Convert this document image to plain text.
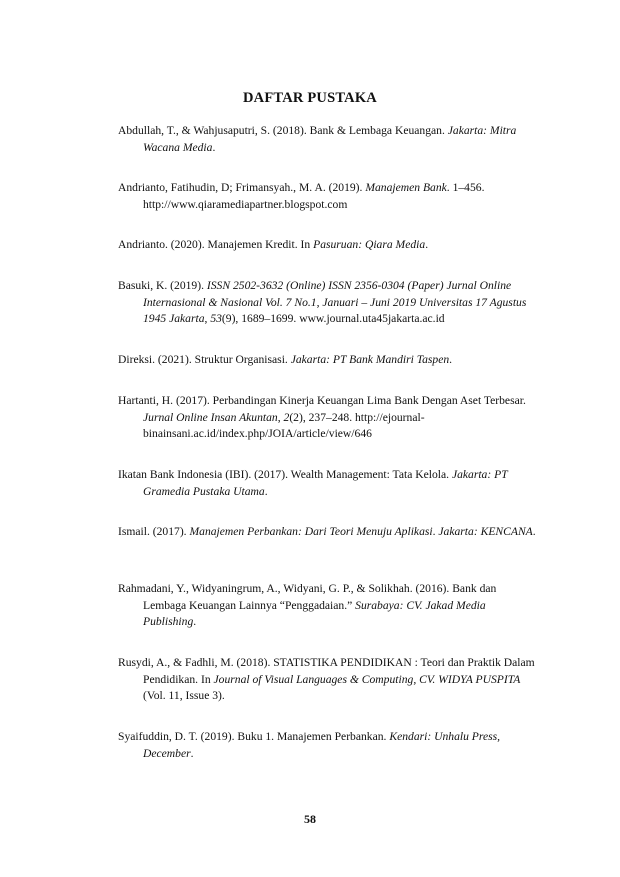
DAFTAR PUSTAKA
Abdullah, T., & Wahjusaputri, S. (2018). Bank & Lembaga Keuangan. Jakarta: Mitra Wacana Media.
Andrianto, Fatihudin, D; Frimansyah., M. A. (2019). Manajemen Bank. 1–456. http://www.qiaramediapartner.blogspot.com
Andrianto. (2020). Manajemen Kredit. In Pasuruan: Qiara Media.
Basuki, K. (2019). ISSN 2502-3632 (Online) ISSN 2356-0304 (Paper) Jurnal Online Internasional & Nasional Vol. 7 No.1, Januari – Juni 2019 Universitas 17 Agustus 1945 Jakarta, 53(9), 1689–1699. www.journal.uta45jakarta.ac.id
Direksi. (2021). Struktur Organisasi. Jakarta: PT Bank Mandiri Taspen.
Hartanti, H. (2017). Perbandingan Kinerja Keuangan Lima Bank Dengan Aset Terbesar. Jurnal Online Insan Akuntan, 2(2), 237–248. http://ejournal-binainsani.ac.id/index.php/JOIA/article/view/646
Ikatan Bank Indonesia (IBI). (2017). Wealth Management: Tata Kelola. Jakarta: PT Gramedia Pustaka Utama.
Ismail. (2017). Manajemen Perbankan: Dari Teori Menuju Aplikasi. Jakarta: KENCANA.
Rahmadani, Y., Widyaningrum, A., Widyani, G. P., & Solikhah. (2016). Bank dan Lembaga Keuangan Lainnya “Penggadaian.” Surabaya: CV. Jakad Media Publishing.
Rusydi, A., & Fadhli, M. (2018). STATISTIKA PENDIDIKAN : Teori dan Praktik Dalam Pendidikan. In Journal of Visual Languages & Computing, CV. WIDYA PUSPITA (Vol. 11, Issue 3).
Syaifuddin, D. T. (2019). Buku 1. Manajemen Perbankan. Kendari: Unhalu Press, December.
58
